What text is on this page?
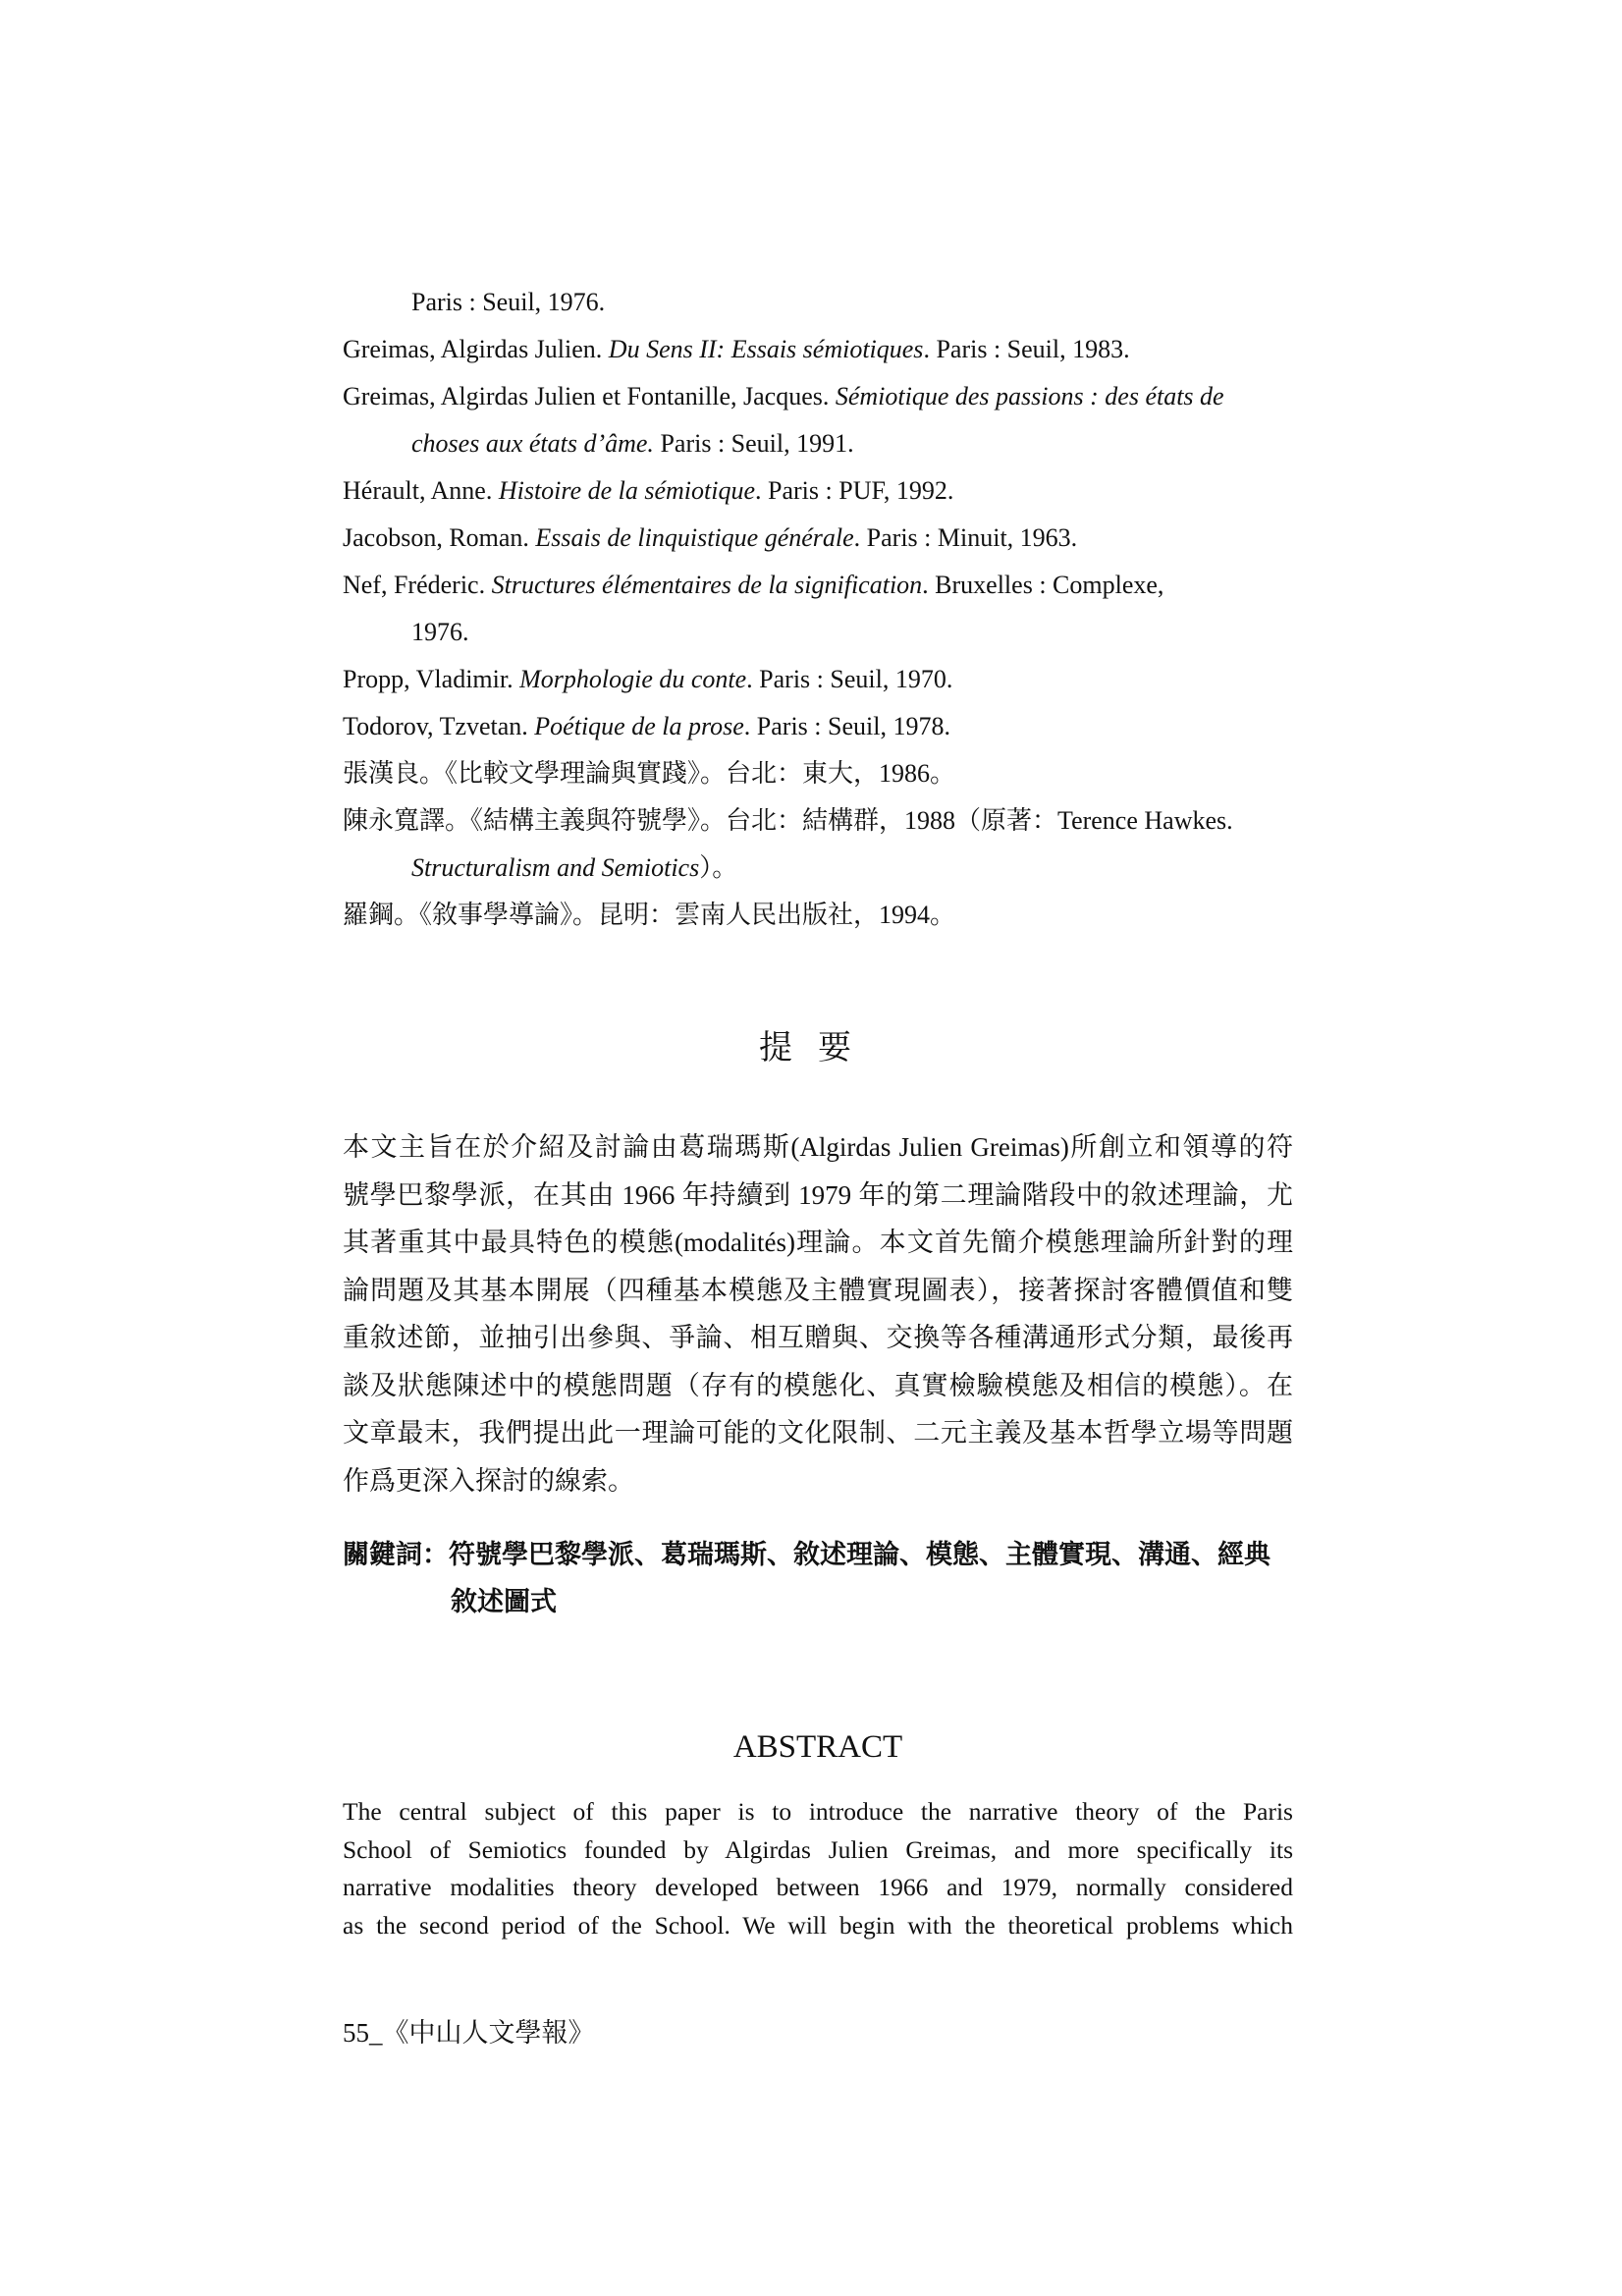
Paris : Seuil, 1976.
Greimas, Algirdas Julien. Du Sens II: Essais sémiotiques. Paris : Seuil, 1983.
Greimas, Algirdas Julien et Fontanille, Jacques. Sémiotique des passions : des états de
choses aux états d’âme. Paris : Seuil, 1991.
Hérault, Anne. Histoire de la sémiotique. Paris : PUF, 1992.
Jacobson, Roman. Essais de linquistique générale. Paris : Minuit, 1963.
Nef, Fréderic. Structures élémentaires de la signification. Bruxelles : Complexe,
1976.
Propp, Vladimir. Morphologie du conte. Paris : Seuil, 1970.
Todorov, Tzvetan. Poétique de la prose. Paris : Seuil, 1978.
張漢良。《比較文學理論與實踐》。台北：東大，1986。
陳永寬譯。《結構主義與符號學》。台北：結構群，1988（原著：Terence Hawkes.
Structuralism and Semiotics）。
羅鋼。《敘事學導論》。昆明：雲南人民出版社，1994。
提要
本文主旨在於介紹及討論由葛瑞瑪斯(Algirdas Julien Greimas)所創立和領導的符
號學巴黎學派，在其由 1966 年持續到 1979 年的第二理論階段中的敘述理論，尤
其著重其中最具特色的模態(modalités)理論。本文首先簡介模態理論所針對的理
論問題及其基本開展（四種基本模態及主體實現圖表），接著探討客體價值和雙
重敘述節，並抽引出參與、爭論、相互贈與、交換等各種溝通形式分類，最後再
談及狀態陳述中的模態問題（存有的模態化、真實檢驗模態及相信的模態）。在
文章最末，我們提出此一理論可能的文化限制、二元主義及基本哲學立場等問題
作爲更深入探討的線索。
關鍵詞：符號學巴黎學派、葛瑞瑪斯、敘述理論、模態、主體實現、溝通、經典
敘述圖式
ABSTRACT
The central subject of this paper is to introduce the narrative theory of the Paris
School of Semiotics founded by Algirdas Julien Greimas, and more specifically its
narrative modalities theory developed between 1966 and 1979, normally considered
as the second period of the School. We will begin with the theoretical problems which
55_《中山人文學報》
